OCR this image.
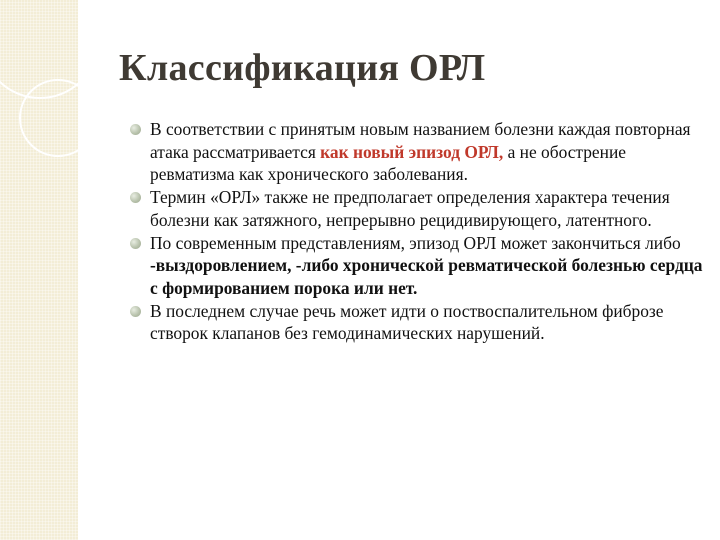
Классификация ОРЛ
В соответствии с принятым новым названием болезни каждая повторная атака рассматривается как новый эпизод ОРЛ, а не обострение ревматизма как хронического заболевания.
Термин «ОРЛ» также не предполагает определения характера течения болезни как затяжного, непрерывно рецидивирующего, латентного.
По современным представлениям, эпизод ОРЛ может закончиться либо -выздоровлением, -либо хронической ревматической болезнью сердца с формированием порока или нет.
В последнем случае речь может идти о поствоспалительном фиброзе створок клапанов без гемодинамических нарушений.
